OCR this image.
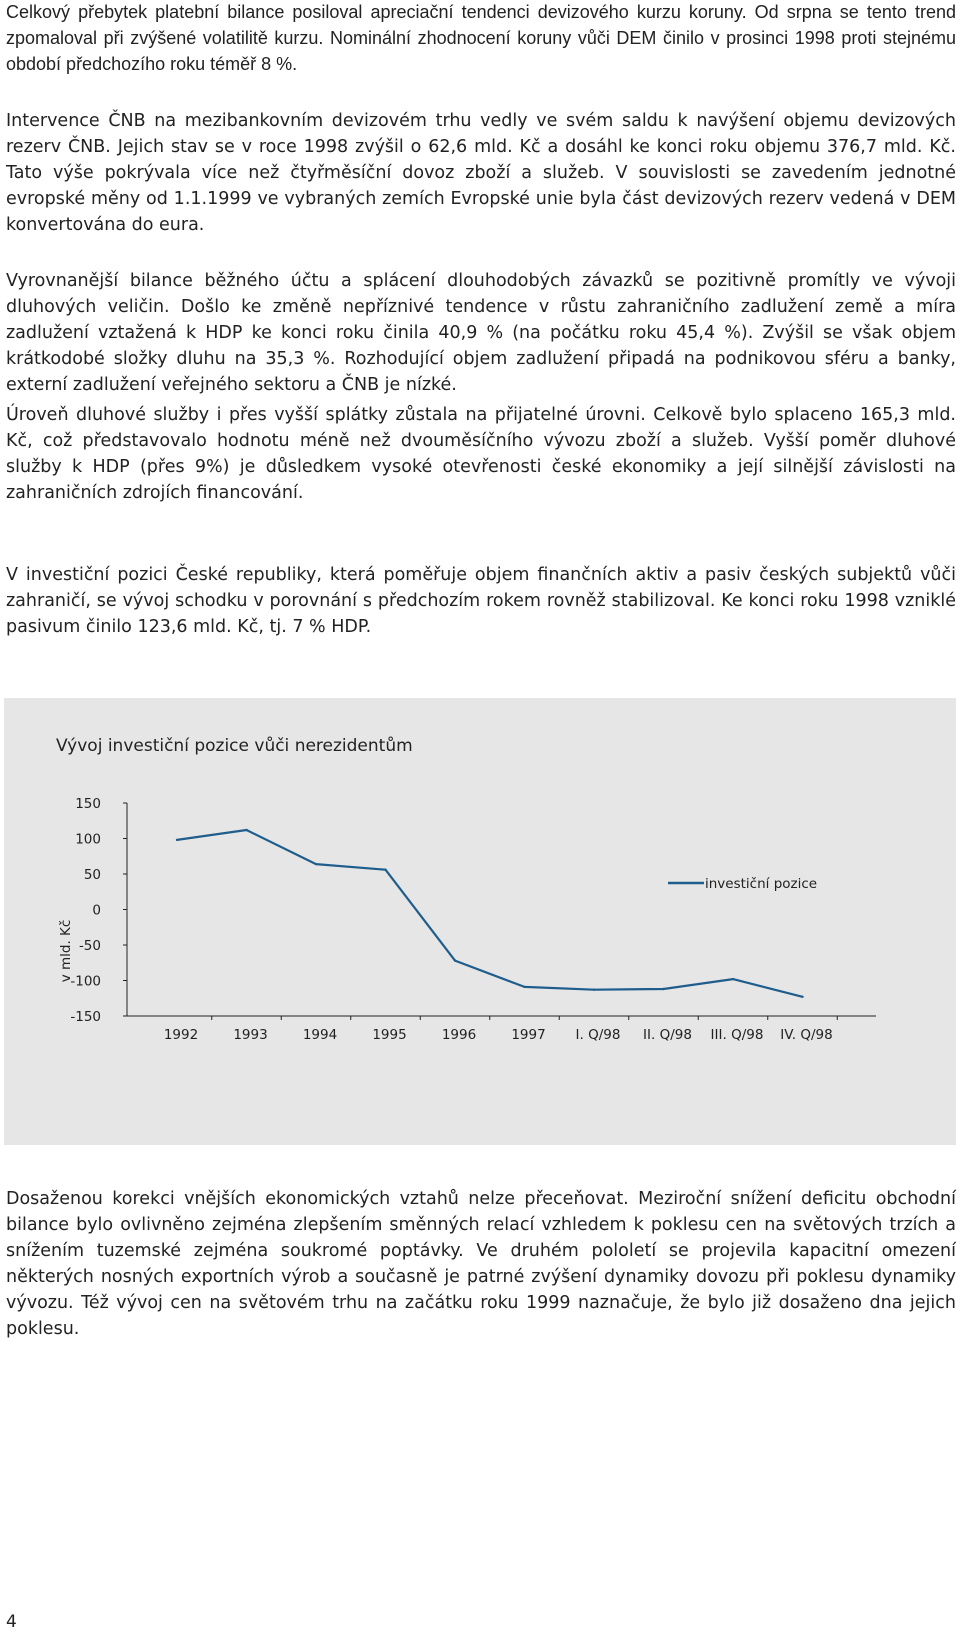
Celkový přebytek platební bilance posiloval apreciační tendenci devizového kurzu koruny. Od srpna se tento trend zpomaloval při zvýšené volatilitě kurzu. Nominální zhodnocení koruny vůči DEM činilo v prosinci 1998 proti stejnému období předchozího roku téměř 8 %.

Intervence ČNB na mezibankovním devizovém trhu vedly ve svém saldu k navýšení objemu devizových rezerv ČNB. Jejich stav se v roce 1998 zvýšil o 62,6 mld. Kč a dosáhl ke konci roku objemu 376,7 mld. Kč. Tato výše pokrývala více než čtyřměsíční dovoz zboží a služeb. V souvislosti se zavedením jednotné evropské měny od 1.1.1999 ve vybraných zemích Evropské unie byla část devizových rezerv vedená v DEM konvertována do eura.

Vyrovnanější bilance běžného účtu a splácení dlouhodobých závazků se pozitivně promítly ve vývoji dluhových veličin. Došlo ke změně nepříznivé tendence v růstu zahraničního zadlužení země a míra zadlužení vztažená k HDP ke konci roku činila 40,9 % (na počátku roku 45,4 %). Zvýšil se však objem krátkodobé složky dluhu na 35,3 %. Rozhodující objem zadlužení připadá na podnikovou sféru a banky, externí zadlužení veřejného sektoru a ČNB je nízké.

Úroveň dluhové služby i přes vyšší splátky zůstala na přijatelné úrovni. Celkově bylo splaceno 165,3 mld. Kč, což představovalo hodnotu méně než dvouměsíčního vývozu zboží a služeb. Vyšší poměr dluhové služby k HDP (přes 9%) je důsledkem vysoké otevřenosti české ekonomiky a její silnější závislosti na zahraničních zdrojích financování.

V investiční pozici České republiky, která poměřuje objem finančních aktiv a pasiv českých subjektů vůči zahraničí, se vývoj schodku v porovnání s předchozím rokem rovněž stabilizoval. Ke konci roku 1998 vzniklé pasivum činilo 123,6 mld. Kč, tj. 7 % HDP.

Vývoj investiční pozice vůči nerezidentům
v mld. Kč
150
100
50
0
-50
-100
-150
1992	1993	1994	1995	1996	1997 I. Q/98 II. Q/98 III. Q/98 IV. Q/98
investiční pozice

Dosaženou korekci vnějších ekonomických vztahů nelze přeceňovat. Meziroční snížení deficitu obchodní bilance bylo ovlivněno zejména zlepšením směnných relací vzhledem k poklesu cen na světových trzích a snížením tuzemské zejména soukromé poptávky. Ve druhém pololetí se projevila kapacitní omezení některých nosných exportních výrob a současně je patrné zvýšení dynamiky dovozu při poklesu dynamiky vývozu. Též vývoj cen na světovém trhu na začátku roku 1999 naznačuje, že bylo již dosaženo dna jejich poklesu.

4
